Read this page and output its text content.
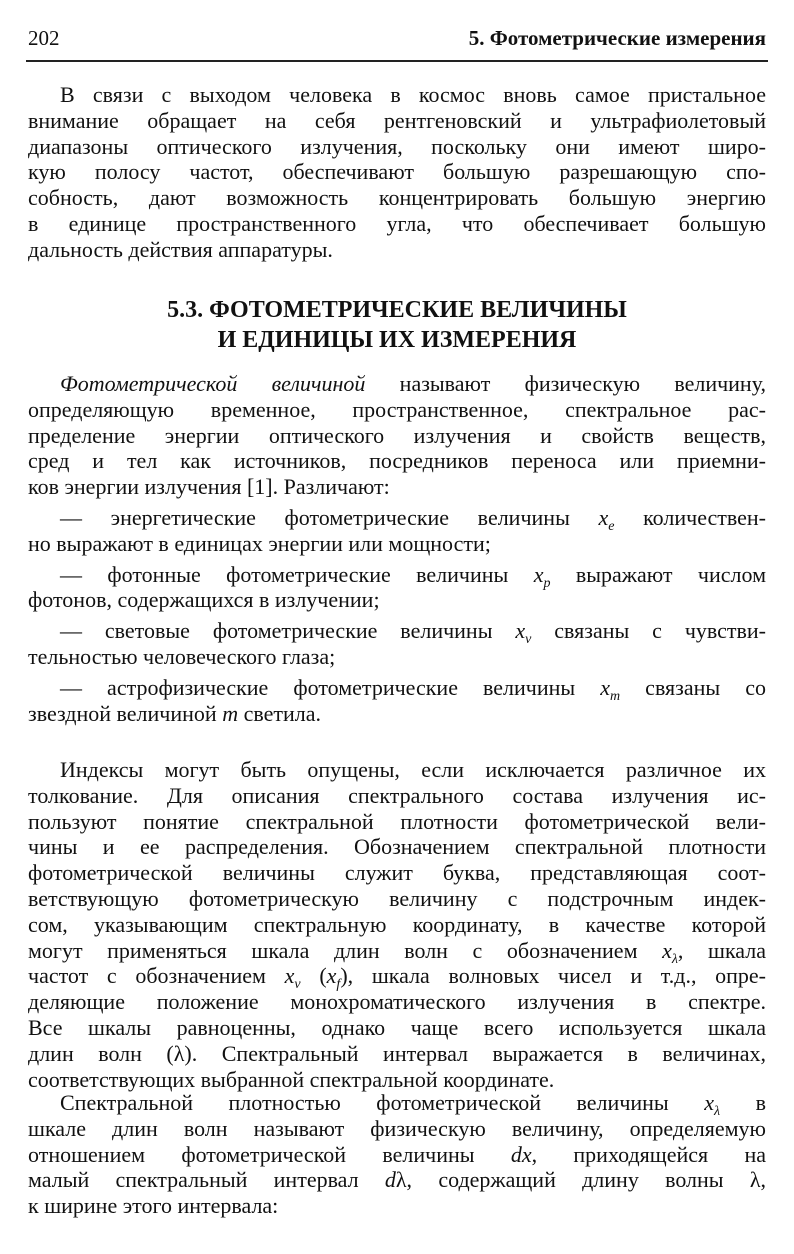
202	5. Фотометрические измерения
В связи с выходом человека в космос вновь самое пристальное
внимание обращает на себя рентгеновский и ультрафиолетовый
диапазоны оптического излучения, поскольку они имеют широ-
кую полосу частот, обеспечивают большую разрешающую спо-
собность, дают возможность концентрировать большую энергию
в единице пространственного угла, что обеспечивает большую
дальность действия аппаратуры.
5.3. ФОТОМЕТРИЧЕСКИЕ ВЕЛИЧИНЫ
И ЕДИНИЦЫ ИХ ИЗМЕРЕНИЯ
Фотометрической величиной называют физическую величину,
определяющую временное, пространственное, спектральное рас-
пределение энергии оптического излучения и свойств веществ,
сред и тел как источников, посредников переноса или приемни-
ков энергии излучения [1]. Различают:
— энергетические фотометрические величины $x_e$ количествен-
но выражают в единицах энергии или мощности;
— фотонные фотометрические величины $x_p$ выражают числом
фотонов, содержащихся в излучении;
— световые фотометрические величины $x_v$ связаны с чувстви-
тельностью человеческого глаза;
— астрофизические фотометрические величины $x_m$ связаны со
звездной величиной m светила.
Индексы могут быть опущены, если исключается различное их
толкование. Для описания спектрального состава излучения ис-
пользуют понятие спектральной плотности фотометрической вели-
чины и ее распределения. Обозначением спектральной плотности
фотометрической величины служит буква, представляющая соот-
ветствующую фотометрическую величину с подстрочным индек-
сом, указывающим спектральную координату, в качестве которой
могут применяться шкала длин волн с обозначением $x_\lambda$, шкала
частот с обозначением $x_v$ $(x_f)$, шкала волновых чисел и т.д., опре-
деляющие положение монохроматического излучения в спектре.
Все шкалы равноценны, однако чаще всего используется шкала
длин волн (λ). Спектральный интервал выражается в величинах,
соответствующих выбранной спектральной координате.
Спектральной плотностью фотометрической величины $x_\lambda$ в
шкале длин волн называют физическую величину, определяемую
отношением фотометрической величины dx, приходящейся на
малый спектральный интервал dλ, содержащий длину волны λ,
к ширине этого интервала:
